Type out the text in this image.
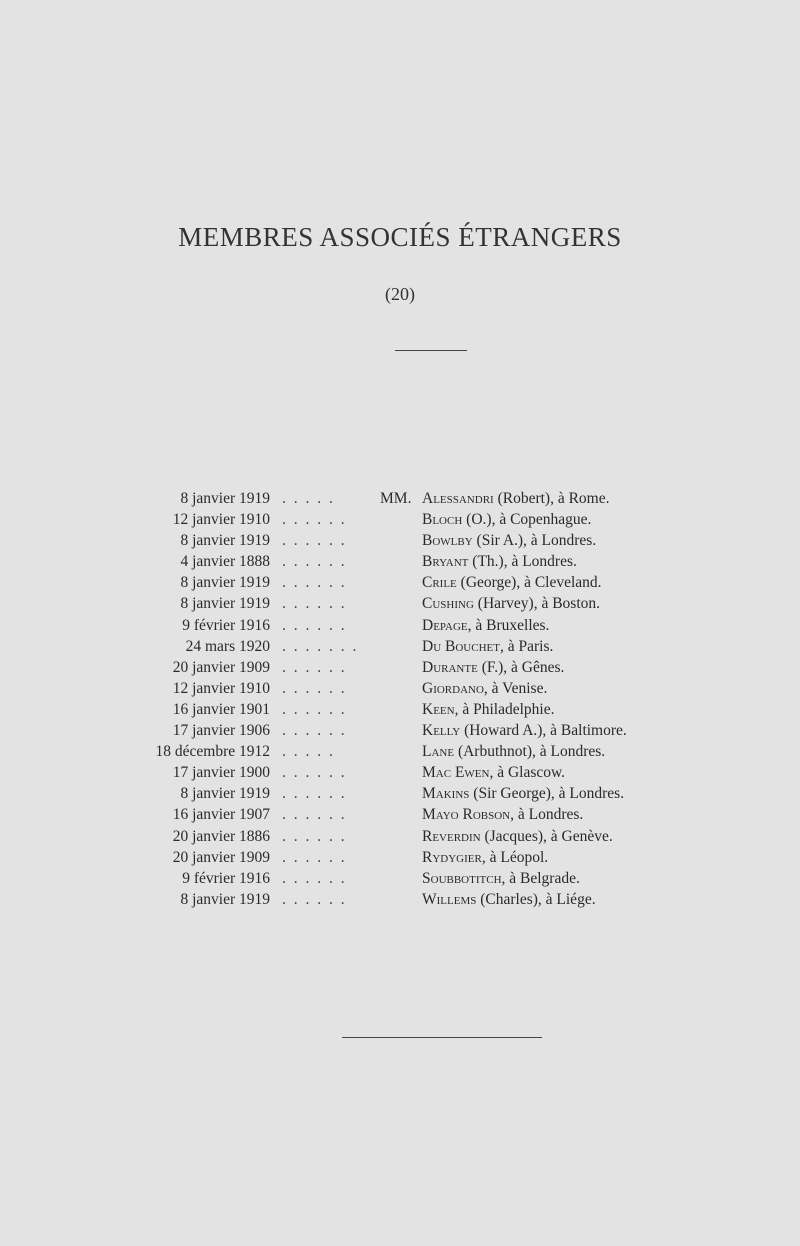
MEMBRES ASSOCIÉS ÉTRANGERS
(20)
8 janvier 1919 . . . . .	MM. Alessandri (Robert), à Rome.
12 janvier 1910 . . . . . .	Bloch (O.), à Copenhague.
8 janvier 1919 . . . . . .	Bowlby (Sir A.), à Londres.
4 janvier 1888 . . . . . .	Bryant (Th.), à Londres.
8 janvier 1919 . . . . . .	Crile (George), à Cleveland.
8 janvier 1919 . . . . . .	Cushing (Harvey), à Boston.
9 février 1916 . . . . . .	Depage, à Bruxelles.
24 mars 1920 . . . . . . .	Du Bouchet, à Paris.
20 janvier 1909 . . . . . .	Durante (F.), à Gênes.
12 janvier 1910 . . . . . .	Giordano, à Venise.
16 janvier 1901 . . . . . .	Keen, à Philadelphie.
17 janvier 1906 . . . . . .	Kelly (Howard A.), à Baltimore.
18 décembre 1912 . . . . .	Lane (Arbuthnot), à Londres.
17 janvier 1900 . . . . . .	Mac Ewen, à Glascow.
8 janvier 1919 . . . . . .	Makins (Sir George), à Londres.
16 janvier 1907 . . . . . .	Mayo Robson, à Londres.
20 janvier 1886 . . . . . .	Reverdin (Jacques), à Genève.
20 janvier 1909 . . . . . .	Rydygier, à Léopol.
9 février 1916 . . . . . .	Soubbotitch, à Belgrade.
8 janvier 1919 . . . . . .	Willems (Charles), à Liége.
